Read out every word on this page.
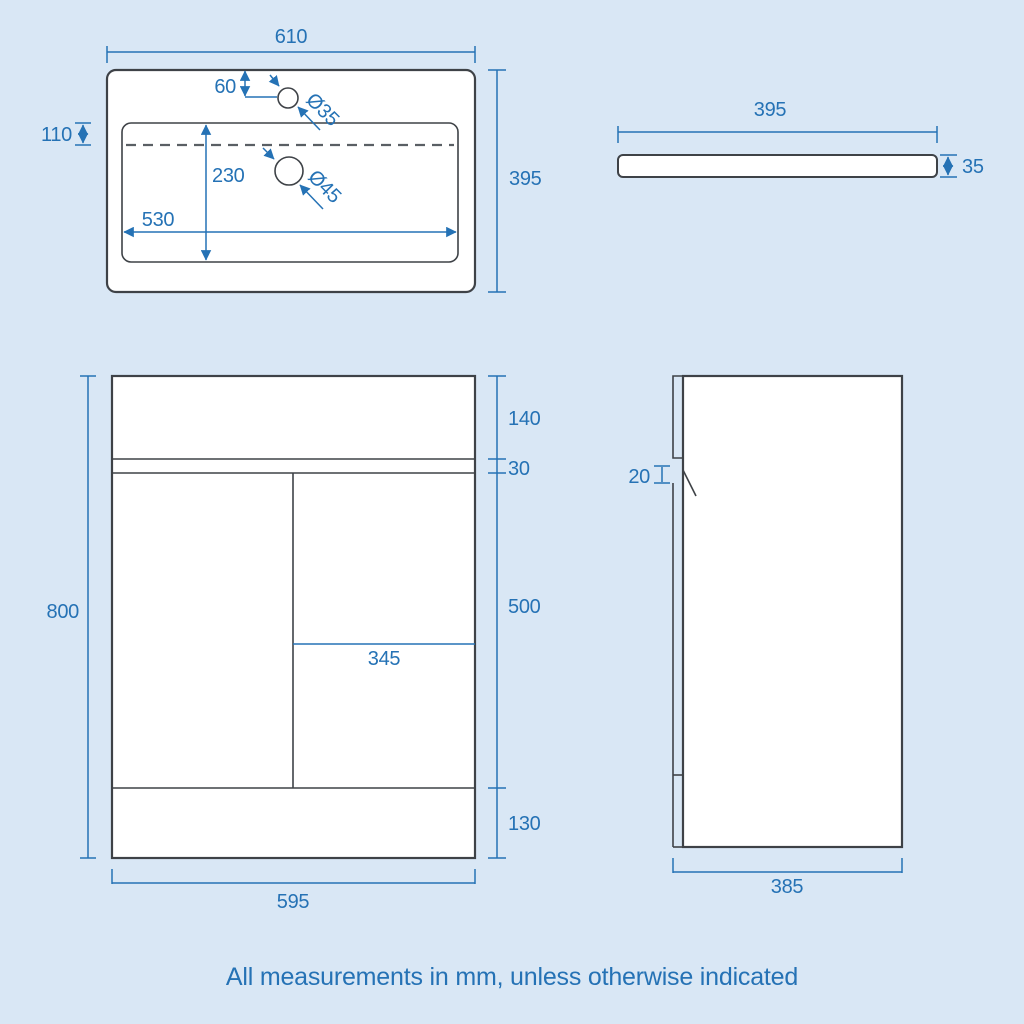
610
395
110
60
Ø35
Ø45
230
530
395
35
345
800
140
30
500
130
595
20
385
All measurements in mm, unless otherwise indicated
